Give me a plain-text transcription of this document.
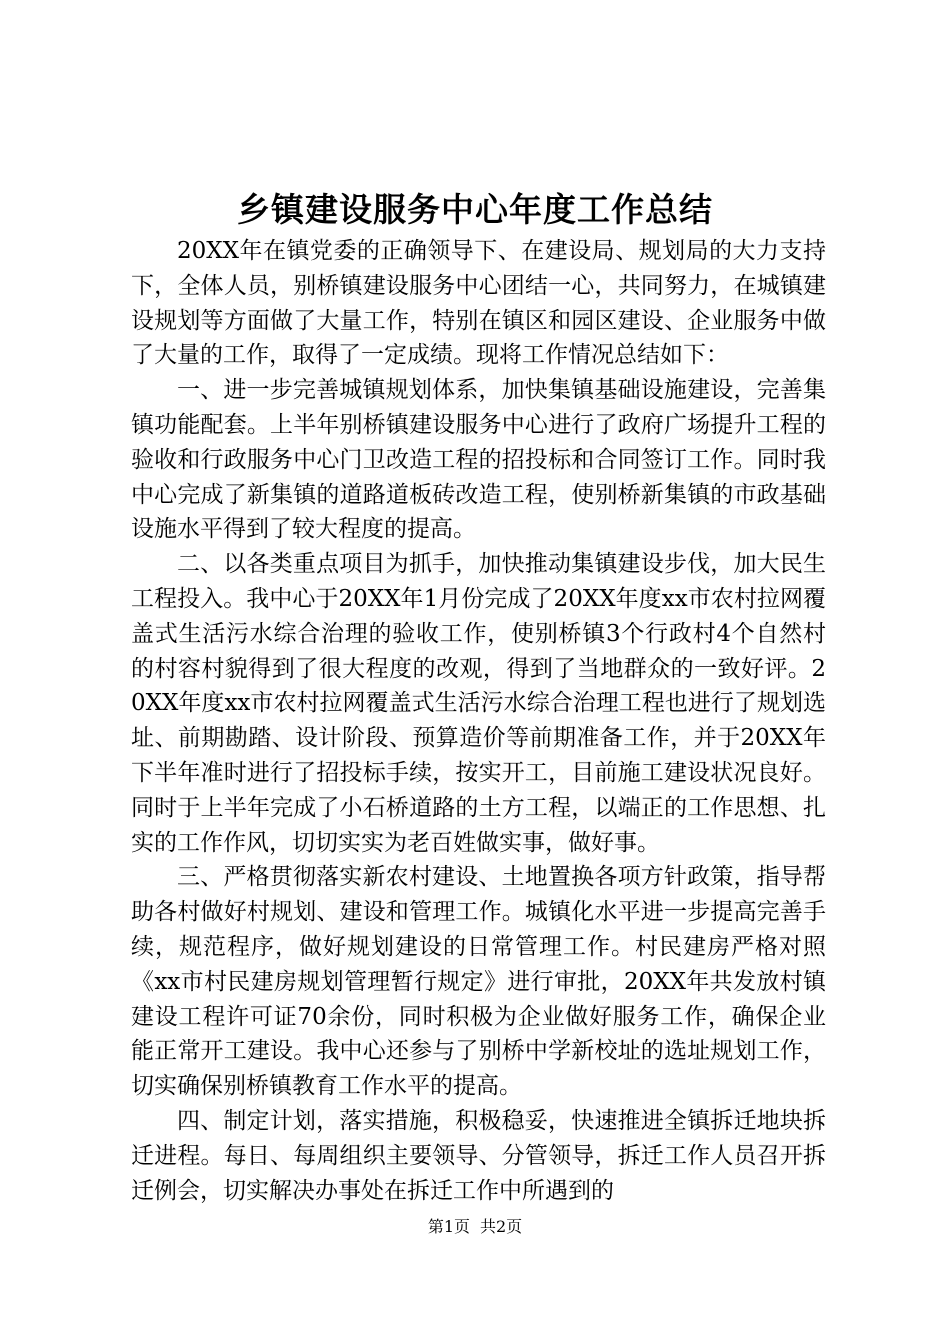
乡镇建设服务中心年度工作总结

20XX年在镇党委的正确领导下、在建设局、规划局的大力支持下，全体人员，别桥镇建设服务中心团结一心，共同努力，在城镇建设规划等方面做了大量工作，特别在镇区和园区建设、企业服务中做了大量的工作，取得了一定成绩。现将工作情况总结如下：

一、进一步完善城镇规划体系，加快集镇基础设施建设，完善集镇功能配套。上半年别桥镇建设服务中心进行了政府广场提升工程的验收和行政服务中心门卫改造工程的招投标和合同签订工作。同时我中心完成了新集镇的道路道板砖改造工程，使别桥新集镇的市政基础设施水平得到了较大程度的提高。

二、以各类重点项目为抓手，加快推动集镇建设步伐，加大民生工程投入。我中心于20XX年1月份完成了20XX年度xx市农村拉网覆盖式生活污水综合治理的验收工作，使别桥镇3个行政村4个自然村的村容村貌得到了很大程度的改观，得到了当地群众的一致好评。20XX年度xx市农村拉网覆盖式生活污水综合治理工程也进行了规划选址、前期勘踏、设计阶段、预算造价等前期准备工作，并于20XX年下半年准时进行了招投标手续，按实开工，目前施工建设状况良好。同时于上半年完成了小石桥道路的土方工程，以端正的工作思想、扎实的工作作风，切切实实为老百姓做实事，做好事。

三、严格贯彻落实新农村建设、土地置换各项方针政策，指导帮助各村做好村规划、建设和管理工作。城镇化水平进一步提高完善手续，规范程序，做好规划建设的日常管理工作。村民建房严格对照《xx市村民建房规划管理暂行规定》进行审批，20XX年共发放村镇建设工程许可证70余份，同时积极为企业做好服务工作，确保企业能正常开工建设。我中心还参与了别桥中学新校址的选址规划工作，切实确保别桥镇教育工作水平的提高。

四、制定计划，落实措施，积极稳妥，快速推进全镇拆迁地块拆迁进程。每日、每周组织主要领导、分管领导，拆迁工作人员召开拆迁例会，切实解决办事处在拆迁工作中所遇到的

第1页 共2页
